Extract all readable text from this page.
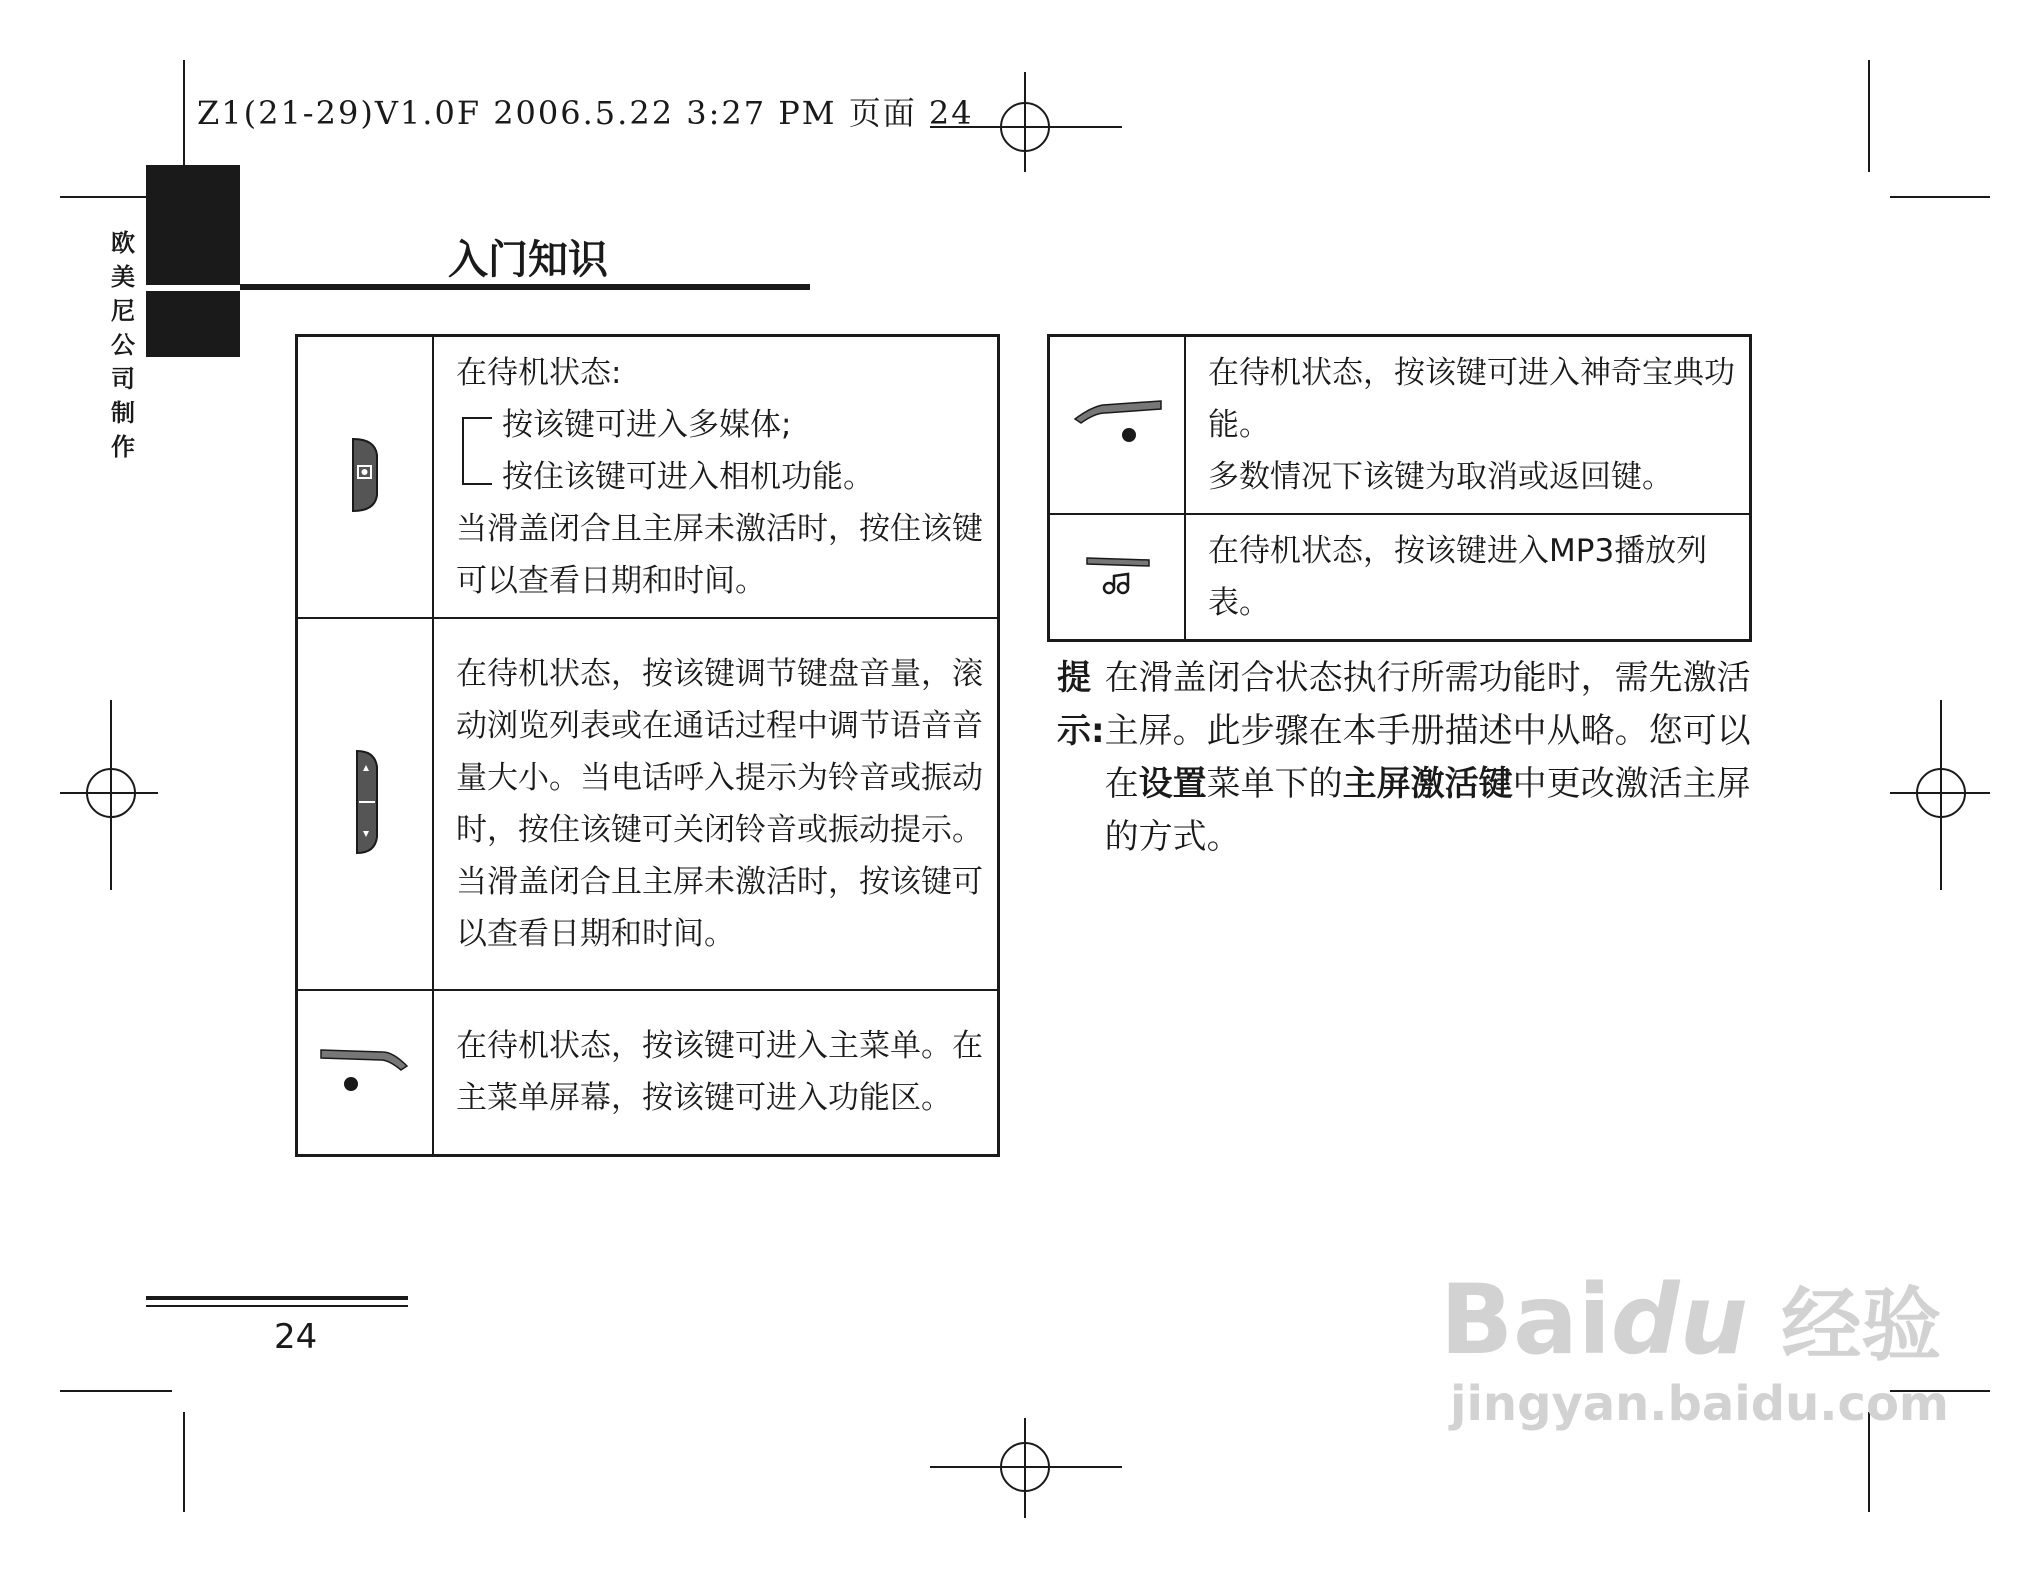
Z1(21-29)V1.0F 2006.5.22 3:27 PM 页面 24
欧
美
尼
公
司
制
作
入门知识

在待机状态:
按该键可进入多媒体;
按住该键可进入相机功能。
当滑盖闭合且主屏未激活时，按住该键可以查看日期和时间。

	在待机状态，按该键调节键盘音量，滚动浏览列表或在通话过程中调节语音音量大小。当电话呼入提示为铃音或振动时，按住该键可关闭铃音或振动提示。当滑盖闭合且主屏未激活时，按该键可以查看日期和时间。
	在待机状态，按该键可进入主菜单。在主菜单屏幕，按该键可进入功能区。

在待机状态，按该键可进入神奇宝典功能。
多数情况下该键为取消或返回键。

	在待机状态，按该键进入MP3播放列表。
提示:
在滑盖闭合状态执行所需功能时，需先激活主屏。此步骤在本手册描述中从略。您可以在设置菜单下的主屏激活键中更改激活主屏的方式。
24	Baidu 经验
jingyan.baidu.com
